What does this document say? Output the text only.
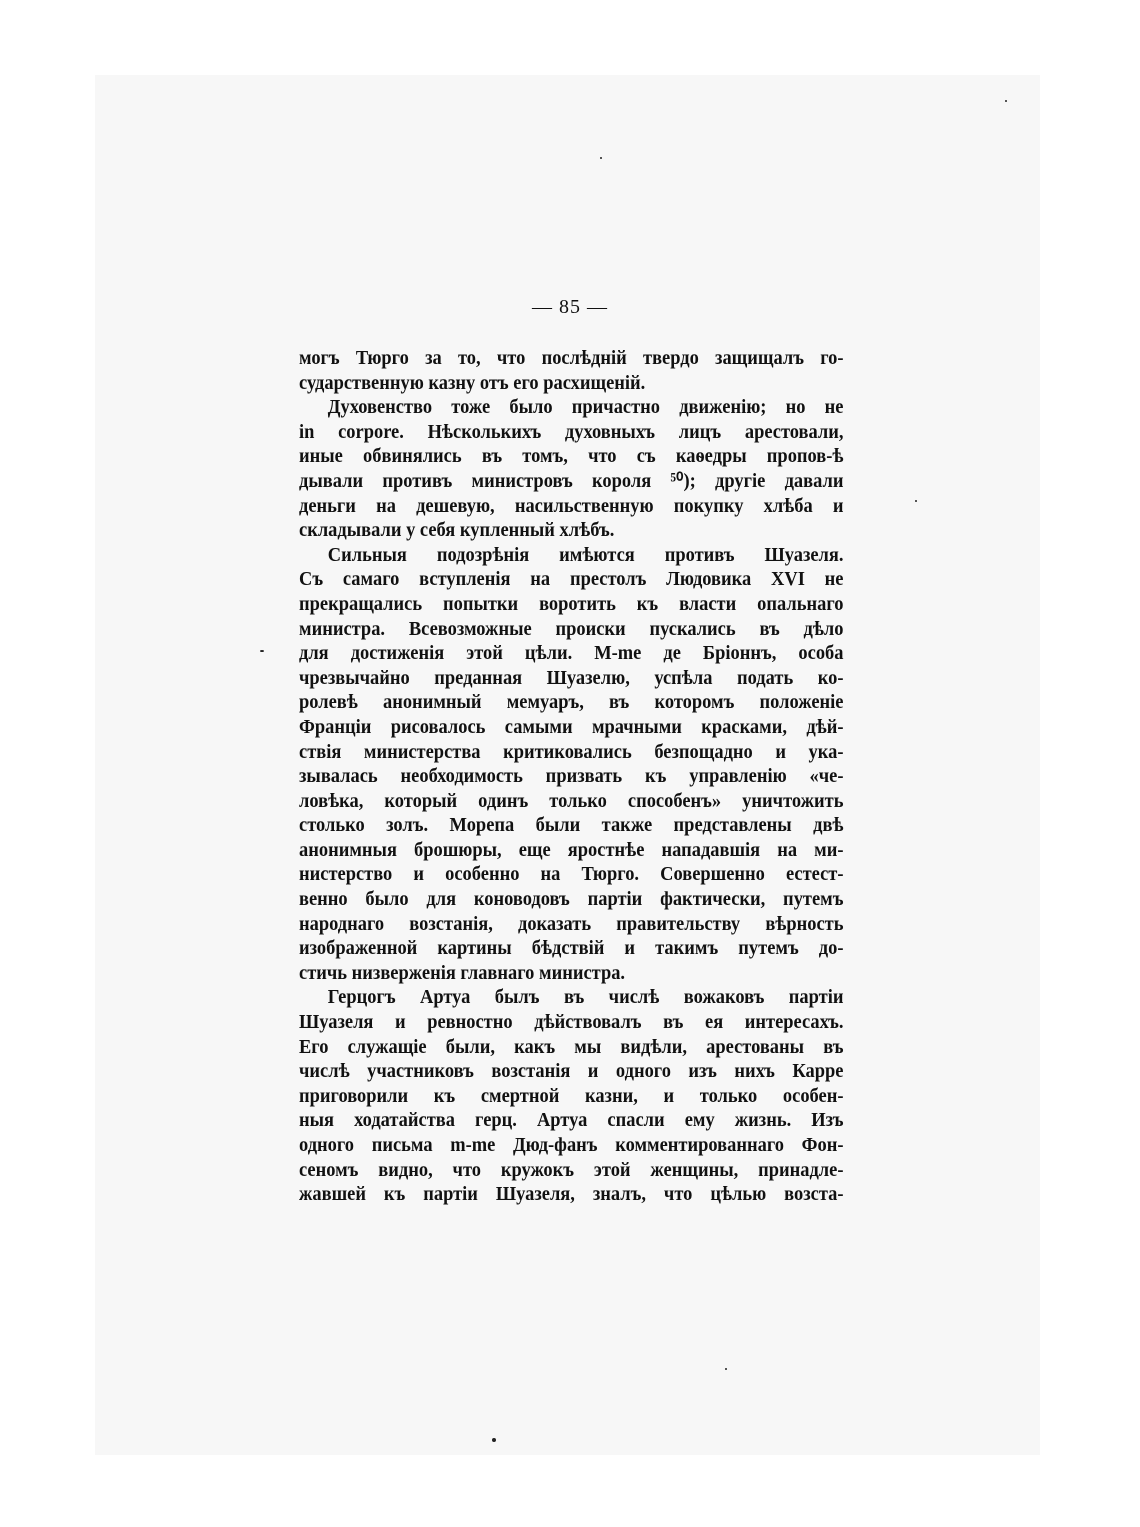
— 85 —
могъ Тюрго за то, что послѣдній твердо защищалъ го-
сударственную казну отъ его расхищеній.
Духовенство тоже было причастно движенію; но не
in corpore. Нѣсколькихъ духовныхъ лицъ арестовали,
иные обвинялись въ томъ, что съ каѳедры пропов-ѣ
дывали противъ министровъ короля ⁵⁰); другіе давали
деньги на дешевую, насильственную покупку хлѣба и
складывали у себя купленный хлѣбъ.
Сильныя подозрѣнія имѣются противъ Шуазеля.
Съ самаго вступленія на престолъ Людовика XVI не
прекращались попытки воротить къ власти опальнаго
министра. Всевозможные происки пускались въ дѣло
для достиженія этой цѣли. M-me де Бріоннъ, особа
чрезвычайно преданная Шуазелю, успѣла подать ко-
ролевѣ анонимный мемуаръ, въ которомъ положеніе
Франціи рисовалось самыми мрачными красками, дѣй-
ствія министерства критиковались безпощадно и ука-
зывалась необходимость призвать къ управленію «че-
ловѣка, который одинъ только способенъ» уничтожить
столько золъ. Морепа были также представлены двѣ
анонимныя брошюры, еще яростнѣе нападавшія на ми-
нистерство и особенно на Тюрго. Совершенно естест-
венно было для коноводовъ партіи фактически, путемъ
народнаго возстанія, доказать правительству вѣрность
изображенной картины бѣдствій и такимъ путемъ до-
стичь низверженія главнаго министра.
Герцогъ Артуа былъ въ числѣ вожаковъ партіи
Шуазеля и ревностно дѣйствовалъ въ ея интересахъ.
Его служащіе были, какъ мы видѣли, арестованы въ
числѣ участниковъ возстанія и одного изъ нихъ Карре
приговорили къ смертной казни, и только особен-
ныя ходатайства герц. Артуа спасли ему жизнь. Изъ
одного письма m-me Дюд-фанъ комментированнаго Фон-
сеномъ видно, что кружокъ этой женщины, принадле-
жавшей къ партіи Шуазеля, зналъ, что цѣлью возста-
